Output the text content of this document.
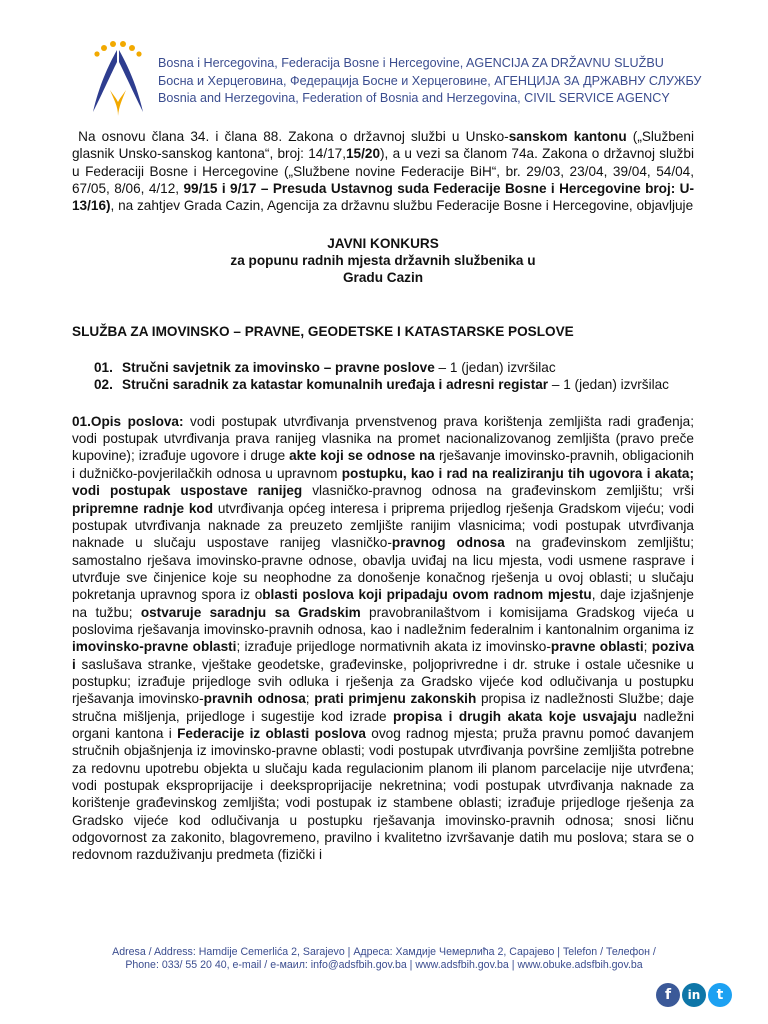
Bosna i Hercegovina, Federacija Bosne i Hercegovine, AGENCIJA ZA DRŽAVNU SLUŽBU
Босна и Херцеговина, Федерација Босне и Херцеговине, АГЕНЦИЈА ЗА ДРЖАВНУ СЛУЖБУ
Bosnia and Herzegovina, Federation of Bosnia and Herzegovina, CIVIL SERVICE AGENCY

Na osnovu člana 34. i člana 88. Zakona o državnoj službi u Unsko-sanskom kantonu („Službeni glasnik Unsko-sanskog kantona“, broj: 14/17,15/20), a u vezi sa članom 74a. Zakona o državnoj službi u Federaciji Bosne i Hercegovine („Službene novine Federacije BiH“, br. 29/03, 23/04, 39/04, 54/04, 67/05, 8/06, 4/12, 99/15 i 9/17 – Presuda Ustavnog suda Federacije Bosne i Hercegovine broj: U-13/16), na zahtjev Grada Cazin, Agencija za državnu službu Federacije Bosne i Hercegovine, objavljuje

JAVNI KONKURS
za popunu radnih mjesta državnih službenika u
Gradu Cazin
SLUŽBA ZA IMOVINSKO – PRAVNE, GEODETSKE I KATASTARSKE POSLOVE
01. Stručni savjetnik za imovinsko – pravne poslove – 1 (jedan) izvršilac
02. Stručni saradnik za katastar komunalnih uređaja i adresni registar – 1 (jedan) izvršilac
01.Opis poslova: vodi postupak utvrđivanja prvenstvenog prava korištenja zemljišta radi građenja; vodi postupak utvrđivanja prava ranijeg vlasnika na promet nacionalizovanog zemljišta (pravo preče kupovine); izrađuje ugovore i druge akte koji se odnose na rješavanje imovinsko-pravnih, obligacionih i dužničko-povjerilačkih odnosa u upravnom postupku, kao i rad na realiziranju tih ugovora i akata; vodi postupak uspostave ranijeg vlasničko-pravnog odnosa na građevinskom zemljištu; vrši pripremne radnje kod utvrđivanja općeg interesa i priprema prijedlog rješenja Gradskom vijeću; vodi postupak utvrđivanja naknade za preuzeto zemljište ranijim vlasnicima; vodi postupak utvrđivanja naknade u slučaju uspostave ranijeg vlasničko-pravnog odnosa na građevinskom zemljištu; samostalno rješava imovinsko-pravne odnose, obavlja uviđaj na licu mjesta, vodi usmene rasprave i utvrđuje sve činjenice koje su neophodne za donošenje konačnog rješenja u ovoj oblasti; u slučaju pokretanja upravnog spora iz oblasti poslova koji pripadaju ovom radnom mjestu, daje izjašnjenje na tužbu; ostvaruje saradnju sa Gradskim pravobranilaštvom i komisijama Gradskog vijeća u poslovima rješavanja imovinsko-pravnih odnosa, kao i nadležnim federalnim i kantonalnim organima iz imovinsko-pravne oblasti; izrađuje prijedloge normativnih akata iz imovinsko-pravne oblasti; poziva i saslušava stranke, vještake geodetske, građevinske, poljoprivredne i dr. struke i ostale učesnike u postupku; izrađuje prijedloge svih odluka i rješenja za Gradsko vijeće kod odlučivanja u postupku rješavanja imovinsko-pravnih odnosa; prati primjenu zakonskih propisa iz nadležnosti Službe; daje stručna mišljenja, prijedloge i sugestije kod izrade propisa i drugih akata koje usvajaju nadležni organi kantona i Federacije iz oblasti poslova ovog radnog mjesta; pruža pravnu pomoć davanjem stručnih objašnjenja iz imovinsko-pravne oblasti; vodi postupak utvrđivanja površine zemljišta potrebne za redovnu upotrebu objekta u slučaju kada regulacionim planom ili planom parcelacije nije utvrđena; vodi postupak eksproprijacije i deeksproprijacije nekretnina; vodi postupak utvrđivanja naknade za korištenje građevinskog zemljišta; vodi postupak iz stambene oblasti; izrađuje prijedloge rješenja za Gradsko vijeće kod odlučivanja u postupku rješavanja imovinsko-pravnih odnosa; snosi ličnu odgovornost za zakonito, blagovremeno, pravilno i kvalitetno izvršavanje datih mu poslova; stara se o redovnom razduživanju predmeta (fizički i
Adresa / Address: Hamdije Cemerlića 2, Sarajevo | Адреса: Хамдије Чемерлића 2, Сарајево | Telefon / Телефон /
Phone: 033/ 55 20 40, e-mail / е-маил: info@adsfbih.gov.ba | www.adsfbih.gov.ba | www.obuke.adsfbih.gov.ba
f	in	t
